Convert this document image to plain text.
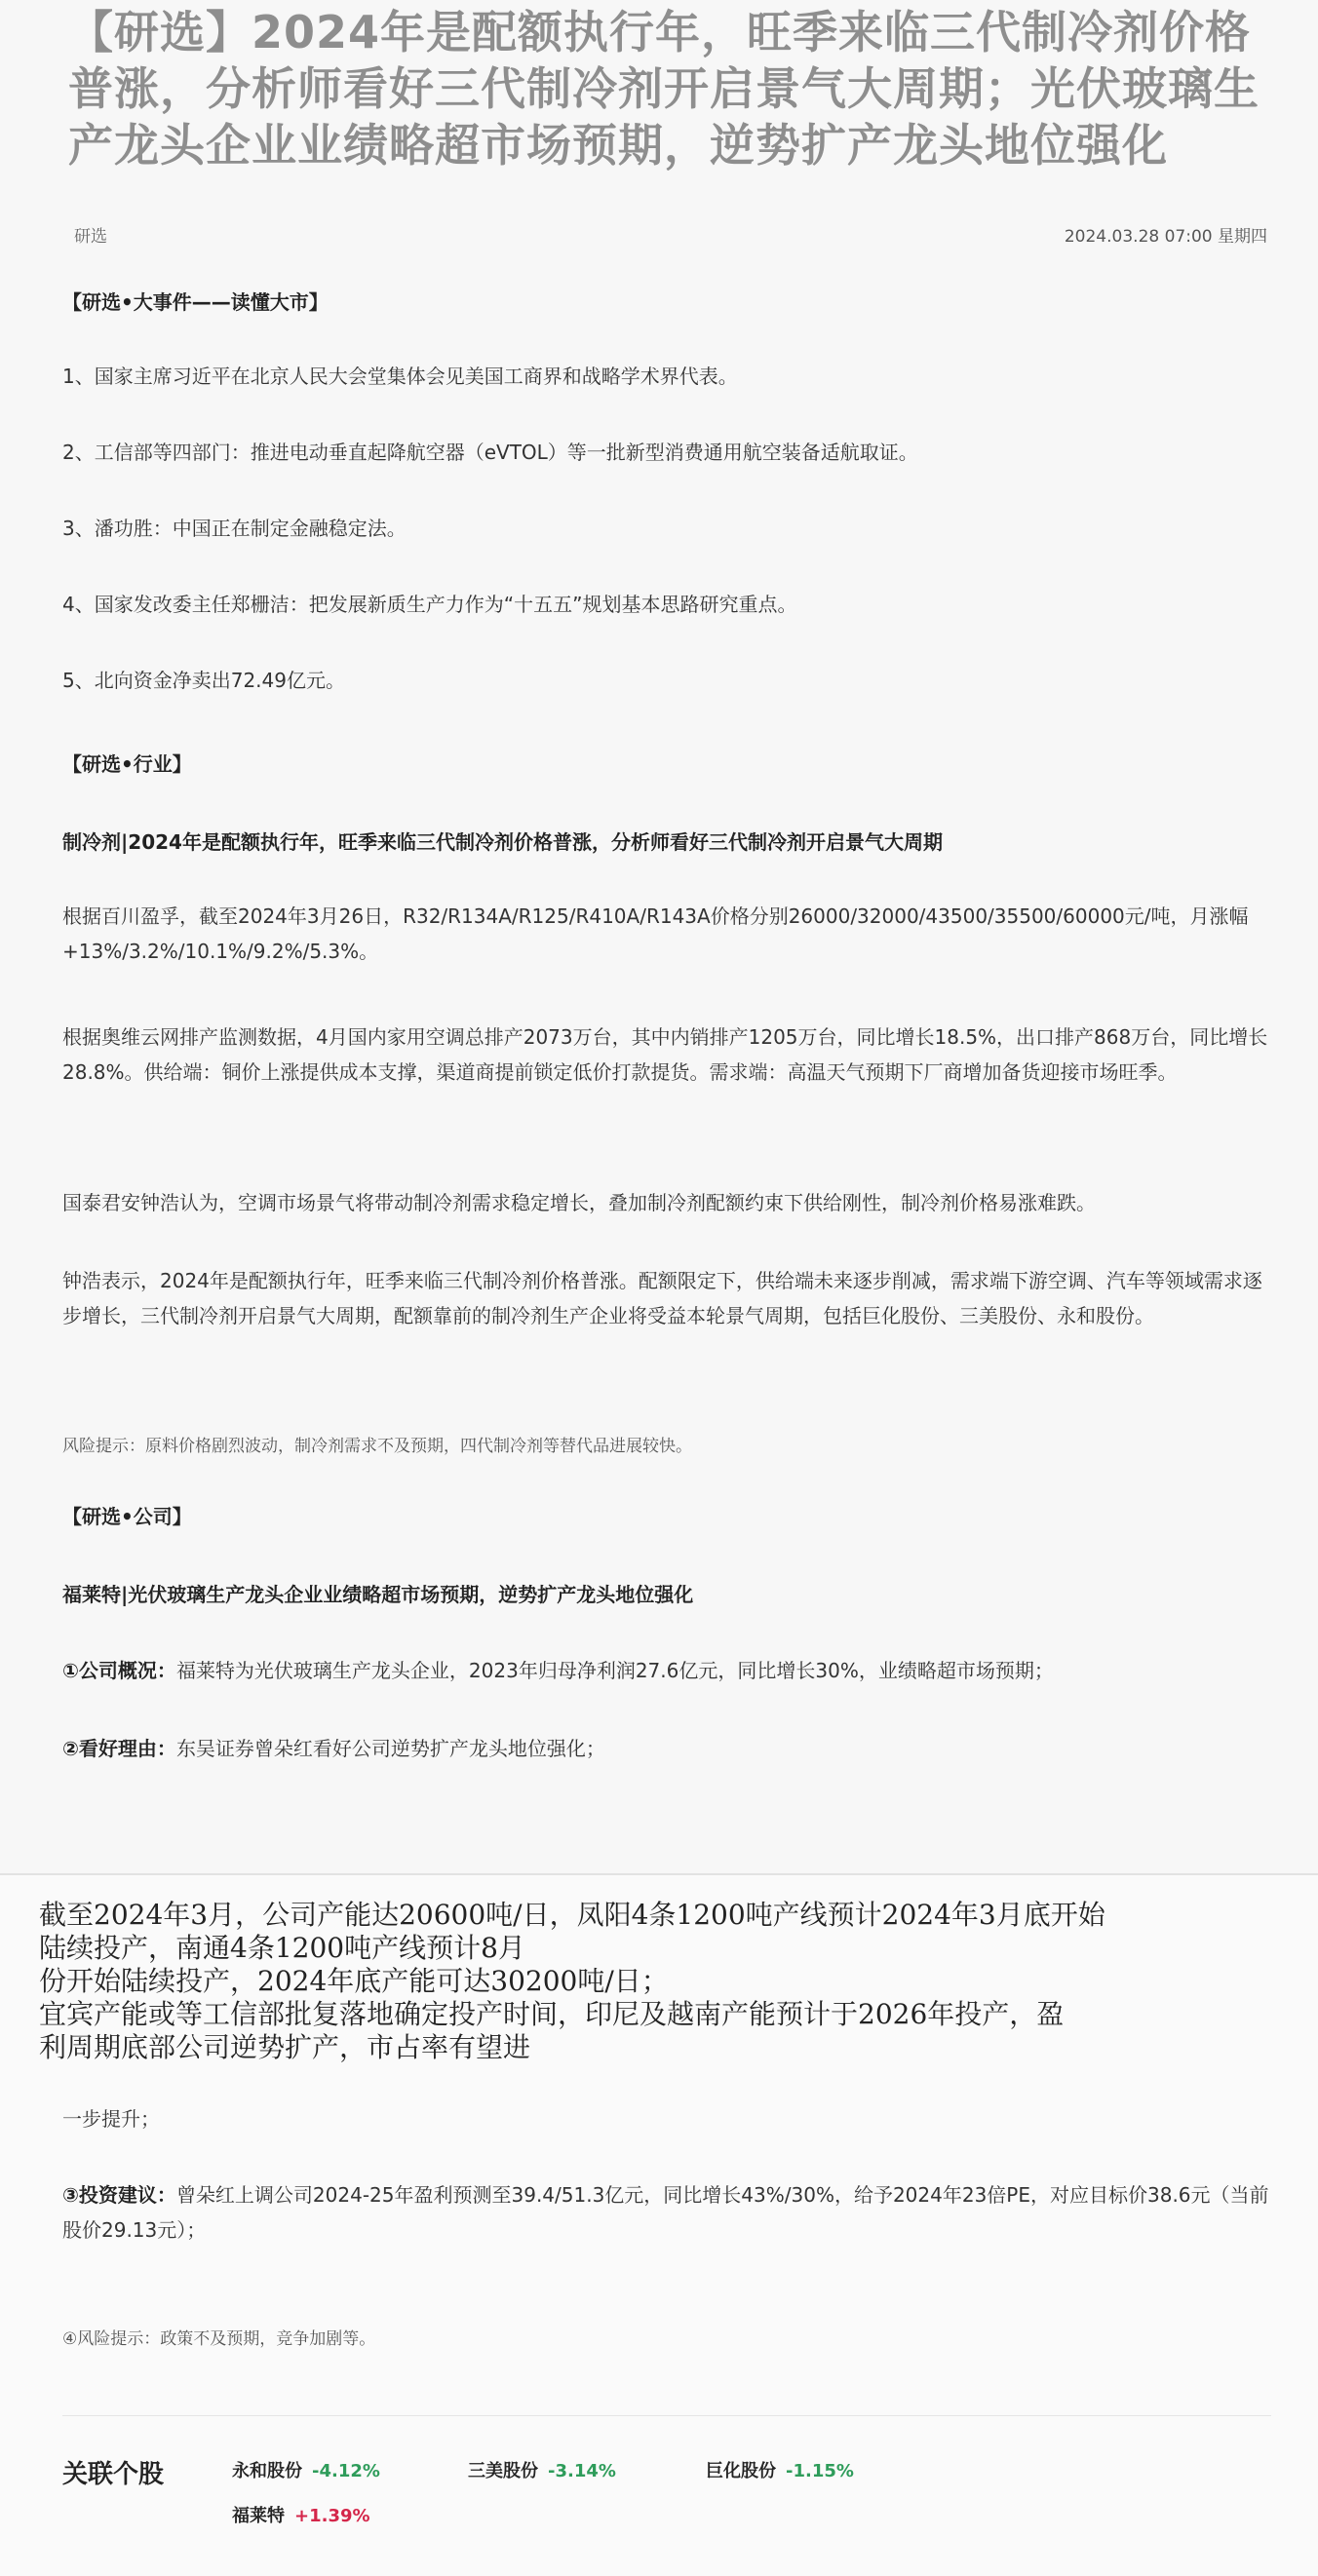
【研选】2024年是配额执行年，旺季来临三代制冷剂价格普涨，分析师看好三代制冷剂开启景气大周期；光伏玻璃生产龙头企业业绩略超市场预期，逆势扩产龙头地位强化
研选	2024.03.28 07:00 星期四

【研选•大事件——读懂大市】

1、国家主席习近平在北京人民大会堂集体会见美国工商界和战略学术界代表。

2、工信部等四部门：推进电动垂直起降航空器（eVTOL）等一批新型消费通用航空装备适航取证。

3、潘功胜：中国正在制定金融稳定法。

4、国家发改委主任郑栅洁：把发展新质生产力作为“十五五”规划基本思路研究重点。

5、北向资金净卖出72.49亿元。

【研选•行业】

制冷剂|2024年是配额执行年，旺季来临三代制冷剂价格普涨，分析师看好三代制冷剂开启景气大周期

根据百川盈孚，截至2024年3月26日，R32/R134A/R125/R410A/R143A价格分别26000/32000/43500/35500/60000元/吨，月涨幅+13%/3.2%/10.1%/9.2%/5.3%。

根据奥维云网排产监测数据，4月国内家用空调总排产2073万台，其中内销排产1205万台，同比增长18.5%，出口排产868万台，同比增长28.8%。供给端：铜价上涨提供成本支撑，渠道商提前锁定低价打款提货。需求端：高温天气预期下厂商增加备货迎接市场旺季。

国泰君安钟浩认为，空调市场景气将带动制冷剂需求稳定增长，叠加制冷剂配额约束下供给刚性，制冷剂价格易涨难跌。

钟浩表示，2024年是配额执行年，旺季来临三代制冷剂价格普涨。配额限定下，供给端未来逐步削减，需求端下游空调、汽车等领域需求逐步增长，三代制冷剂开启景气大周期，配额靠前的制冷剂生产企业将受益本轮景气周期，包括巨化股份、三美股份、永和股份。

风险提示：原料价格剧烈波动，制冷剂需求不及预期，四代制冷剂等替代品进展较快。

【研选•公司】

福莱特|光伏玻璃生产龙头企业业绩略超市场预期，逆势扩产龙头地位强化

①公司概况：福莱特为光伏玻璃生产龙头企业，2023年归母净利润27.6亿元，同比增长30%，业绩略超市场预期；

②看好理由：东吴证券曾朵红看好公司逆势扩产龙头地位强化；

截至2024年3月，公司产能达20600吨/日，凤阳4条1200吨产线预计2024年3月底开始
陆续投产，南通4条1200吨产线预计8月
份开始陆续投产，2024年底产能可达30200吨/日；
宜宾产能或等工信部批复落地确定投产时间，印尼及越南产能预计于2026年投产，盈
利周期底部公司逆势扩产，市占率有望进

一步提升；

③投资建议：曾朵红上调公司2024-25年盈利预测至39.4/51.3亿元，同比增长43%/30%，给予2024年23倍PE，对应目标价38.6元（当前股价29.13元）；

④风险提示：政策不及预期，竞争加剧等。

关联个股	永和股份 -4.12%	三美股份 -3.14%	巨化股份 -1.15%
福莱特 +1.39%
